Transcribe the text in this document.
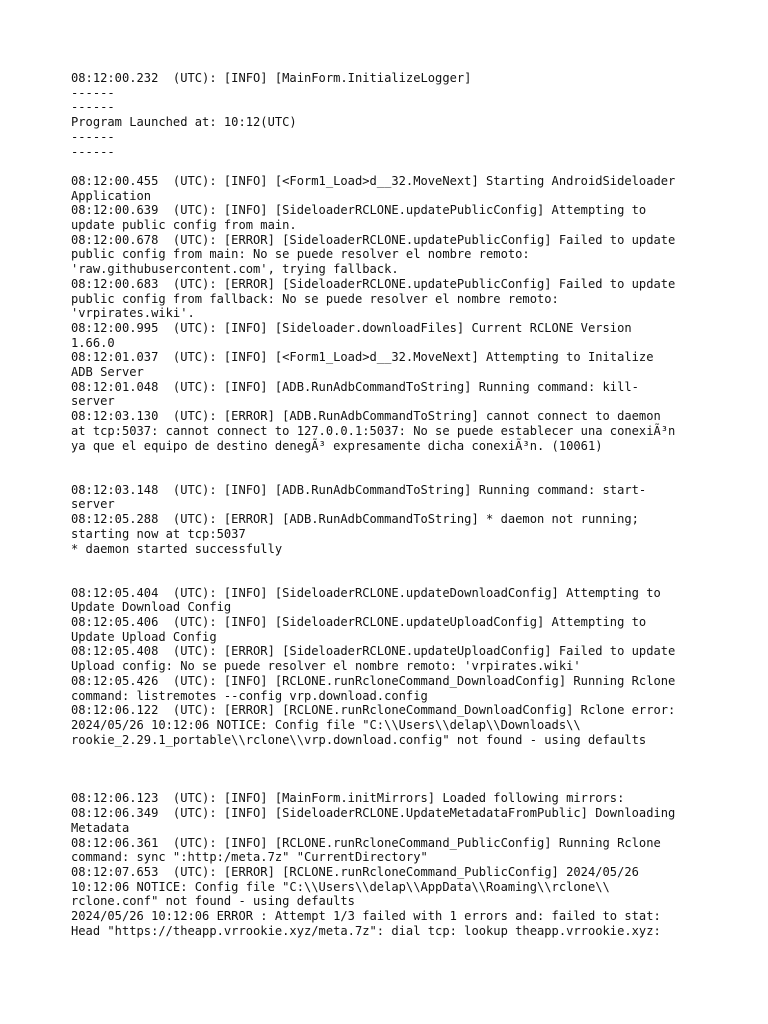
08:12:00.232  (UTC): [INFO] [MainForm.InitializeLogger]
------
------
Program Launched at: 10:12(UTC)
------
------

08:12:00.455  (UTC): [INFO] [<Form1_Load>d__32.MoveNext] Starting AndroidSideloader
Application
08:12:00.639  (UTC): [INFO] [SideloaderRCLONE.updatePublicConfig] Attempting to
update public config from main.
08:12:00.678  (UTC): [ERROR] [SideloaderRCLONE.updatePublicConfig] Failed to update
public config from main: No se puede resolver el nombre remoto:
'raw.githubusercontent.com', trying fallback.
08:12:00.683  (UTC): [ERROR] [SideloaderRCLONE.updatePublicConfig] Failed to update
public config from fallback: No se puede resolver el nombre remoto:
'vrpirates.wiki'.
08:12:00.995  (UTC): [INFO] [Sideloader.downloadFiles] Current RCLONE Version
1.66.0
08:12:01.037  (UTC): [INFO] [<Form1_Load>d__32.MoveNext] Attempting to Initalize
ADB Server
08:12:01.048  (UTC): [INFO] [ADB.RunAdbCommandToString] Running command: kill-
server
08:12:03.130  (UTC): [ERROR] [ADB.RunAdbCommandToString] cannot connect to daemon
at tcp:5037: cannot connect to 127.0.0.1:5037: No se puede establecer una conexiÃ³n
ya que el equipo de destino denegÃ³ expresamente dicha conexiÃ³n. (10061)

08:12:03.148  (UTC): [INFO] [ADB.RunAdbCommandToString] Running command: start-
server
08:12:05.288  (UTC): [ERROR] [ADB.RunAdbCommandToString] * daemon not running;
starting now at tcp:5037
* daemon started successfully

08:12:05.404  (UTC): [INFO] [SideloaderRCLONE.updateDownloadConfig] Attempting to
Update Download Config
08:12:05.406  (UTC): [INFO] [SideloaderRCLONE.updateUploadConfig] Attempting to
Update Upload Config
08:12:05.408  (UTC): [ERROR] [SideloaderRCLONE.updateUploadConfig] Failed to update
Upload config: No se puede resolver el nombre remoto: 'vrpirates.wiki'
08:12:05.426  (UTC): [INFO] [RCLONE.runRcloneCommand_DownloadConfig] Running Rclone
command: listremotes --config vrp.download.config
08:12:06.122  (UTC): [ERROR] [RCLONE.runRcloneCommand_DownloadConfig] Rclone error:
2024/05/26 10:12:06 NOTICE: Config file "C:\\Users\\delap\\Downloads\\
rookie_2.29.1_portable\\rclone\\vrp.download.config" not found - using defaults

08:12:06.123  (UTC): [INFO] [MainForm.initMirrors] Loaded following mirrors:
08:12:06.349  (UTC): [INFO] [SideloaderRCLONE.UpdateMetadataFromPublic] Downloading
Metadata
08:12:06.361  (UTC): [INFO] [RCLONE.runRcloneCommand_PublicConfig] Running Rclone
command: sync ":http:/meta.7z" "CurrentDirectory"
08:12:07.653  (UTC): [ERROR] [RCLONE.runRcloneCommand_PublicConfig] 2024/05/26
10:12:06 NOTICE: Config file "C:\\Users\\delap\\AppData\\Roaming\\rclone\\
rclone.conf" not found - using defaults
2024/05/26 10:12:06 ERROR : Attempt 1/3 failed with 1 errors and: failed to stat:
Head "https://theapp.vrrookie.xyz/meta.7z": dial tcp: lookup theapp.vrrookie.xyz:
